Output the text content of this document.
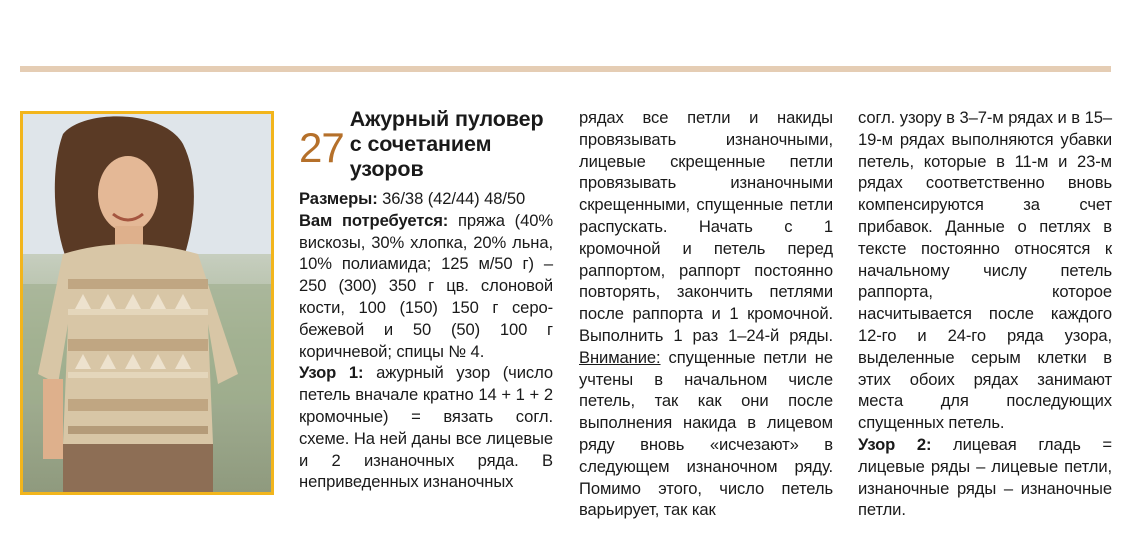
27
Ажурный пуловер с сочетанием узоров

Размеры: 36/38 (42/44) 48/50

Вам потребуется: пряжа (40% вискозы, 30% хлопка, 20% льна, 10% полиамида; 125 м/50 г) – 250 (300) 350 г цв. слоновой кости, 100 (150) 150 г серо-бежевой и 50 (50) 100 г коричневой; спицы № 4.

Узор 1: ажурный узор (число петель вначале кратно 14 + 1 + 2 кромочные) = вязать согл. схеме. На ней даны все лицевые и 2 изнаночных ряда. В неприведенных изнаночных

рядах все петли и накиды провязывать изнаночными, лицевые скрещенные петли провязывать изнаночными скрещенными, спущенные петли распускать. Начать с 1 кромочной и петель перед раппортом, раппорт постоянно повторять, закончить петлями после раппорта и 1 кромочной. Выполнить 1 раз 1–24-й ряды. Внимание: спущенные петли не учтены в начальном числе петель, так как они после выполнения накида в лицевом ряду вновь «исчезают» в следующем изнаночном ряду. Помимо этого, число петель варьирует, так как

согл. узору в 3–7-м рядах и в 15–19-м рядах выполняются убавки петель, которые в 11-м и 23-м рядах соответственно вновь компенсируются за счет прибавок. Данные о петлях в тексте постоянно относятся к начальному числу петель раппорта, которое насчитывается после каждого 12-го и 24-го ряда узора, выделенные серым клетки в этих обоих рядах занимают места для последующих спущенных петель.

Узор 2: лицевая гладь = лицевые ряды – лицевые петли, изнаночные ряды – изнаночные петли.
